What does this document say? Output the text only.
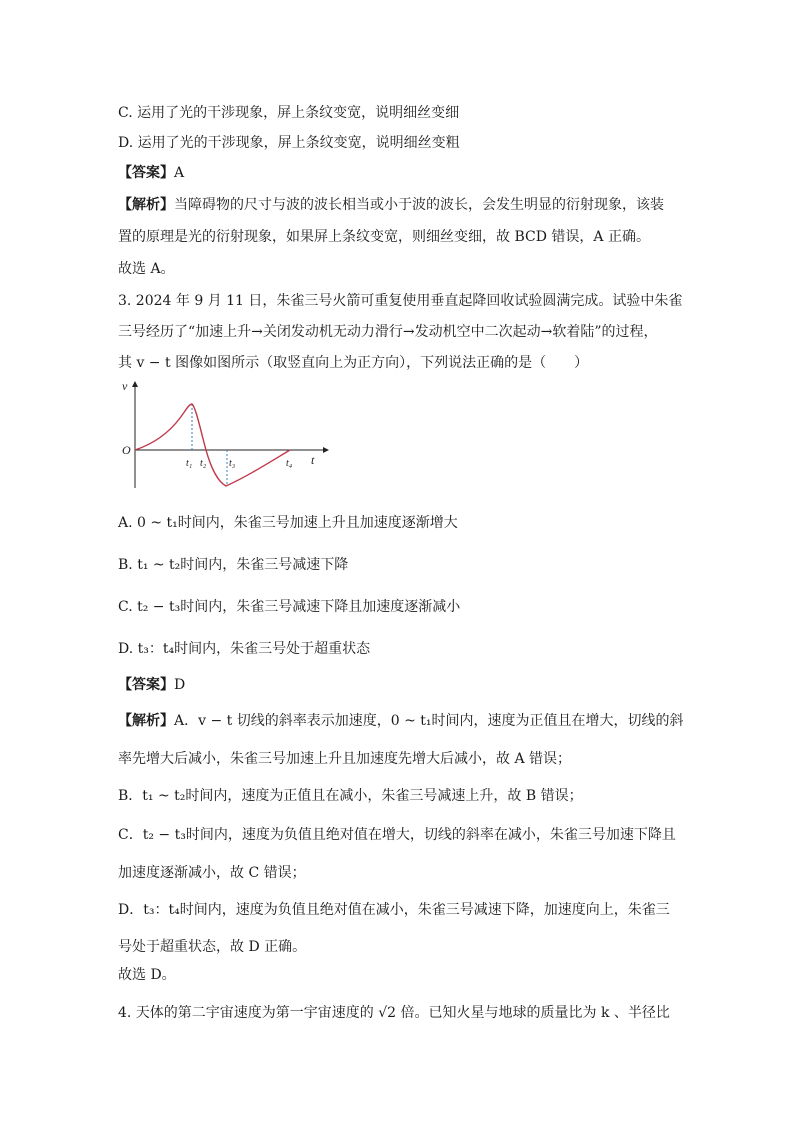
C. 运用了光的干涉现象，屏上条纹变宽，说明细丝变细
D. 运用了光的干涉现象，屏上条纹变宽，说明细丝变粗
【答案】A
【解析】当障碍物的尺寸与波的波长相当或小于波的波长，会发生明显的衍射现象，该装
置的原理是光的衍射现象，如果屏上条纹变宽，则细丝变细，故 BCD 错误，A 正确。
故选 A。
3. 2024 年 9 月 11 日，朱雀三号火箭可重复使用垂直起降回收试验圆满完成。试验中朱雀
三号经历了“加速上升→关闭发动机无动力滑行→发动机空中二次起动→软着陆”的过程，
其 v − t 图像如图所示（取竖直向上为正方向），下列说法正确的是（　　）
v
t
O
t₁ t₂ t₃	t₄
A. 0 ~ t₁时间内，朱雀三号加速上升且加速度逐渐增大
B. t₁ ~ t₂时间内，朱雀三号减速下降
C. t₂ − t₃时间内，朱雀三号减速下降且加速度逐渐减小
D. t₃：t₄时间内，朱雀三号处于超重状态
【答案】D
【解析】A．v − t 切线的斜率表示加速度，0 ~ t₁时间内，速度为正值且在增大，切线的斜
率先增大后减小，朱雀三号加速上升且加速度先增大后减小，故 A 错误；
B．t₁ ~ t₂时间内，速度为正值且在减小，朱雀三号减速上升，故 B 错误；
C．t₂ − t₃时间内，速度为负值且绝对值在增大，切线的斜率在减小，朱雀三号加速下降且
加速度逐渐减小，故 C 错误；
D．t₃：t₄时间内，速度为负值且绝对值在减小，朱雀三号减速下降，加速度向上，朱雀三
号处于超重状态，故 D 正确。
故选 D。
4. 天体的第二宇宙速度为第一宇宙速度的 √2 倍。已知火星与地球的质量比为 k 、半径比
